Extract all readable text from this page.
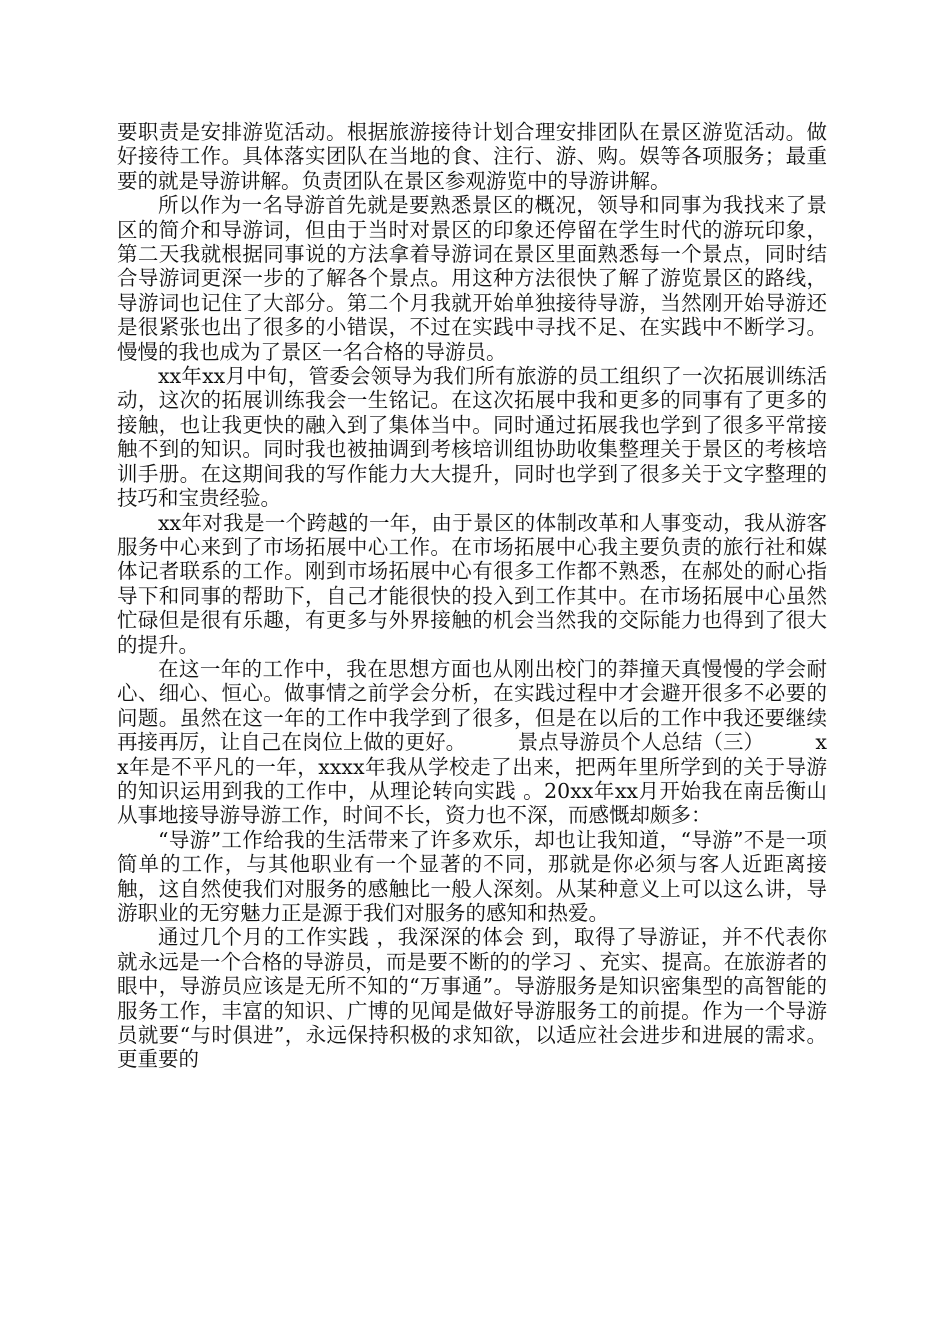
要职责是安排游览活动。根据旅游接待计划合理安排团队在景区游览活动。做好接待工作。具体落实团队在当地的食、注行、游、购。娱等各项服务；最重要的就是导游讲解。负责团队在景区参观游览中的导游讲解。

所以作为一名导游首先就是要熟悉景区的概况，领导和同事为我找来了景区的简介和导游词，但由于当时对景区的印象还停留在学生时代的游玩印象，第二天我就根据同事说的方法拿着导游词在景区里面熟悉每一个景点，同时结合导游词更深一步的了解各个景点。用这种方法很快了解了游览景区的路线，导游词也记住了大部分。第二个月我就开始单独接待导游，当然刚开始导游还是很紧张也出了很多的小错误，不过在实践中寻找不足、在实践中不断学习。慢慢的我也成为了景区一名合格的导游员。

xx年xx月中旬，管委会领导为我们所有旅游的员工组织了一次拓展训练活动，这次的拓展训练我会一生铭记。在这次拓展中我和更多的同事有了更多的接触，也让我更快的融入到了集体当中。同时通过拓展我也学到了很多平常接触不到的知识。同时我也被抽调到考核培训组协助收集整理关于景区的考核培训手册。在这期间我的写作能力大大提升，同时也学到了很多关于文字整理的技巧和宝贵经验。

xx年对我是一个跨越的一年，由于景区的体制改革和人事变动，我从游客服务中心来到了市场拓展中心工作。在市场拓展中心我主要负责的旅行社和媒体记者联系的工作。刚到市场拓展中心有很多工作都不熟悉，在郝处的耐心指导下和同事的帮助下，自己才能很快的投入到工作其中。在市场拓展中心虽然忙碌但是很有乐趣，有更多与外界接触的机会当然我的交际能力也得到了很大的提升。

在这一年的工作中，我在思想方面也从刚出校门的莽撞天真慢慢的学会耐心、细心、恒心。做事情之前学会分析，在实践过程中才会避开很多不必要的问题。虽然在这一年的工作中我学到了很多，但是在以后的工作中我还要继续再接再厉，让自己在岗位上做的更好。　　　景点导游员个人总结（三）　　　xx年是不平凡的一年，xxxx年我从学校走了出来，把两年里所学到的关于导游的知识运用到我的工作中，从理论转向实践 。20xx年xx月开始我在南岳衡山从事地接导游导游工作，时间不长，资力也不深，而感慨却颇多：

“导游”工作给我的生活带来了许多欢乐，却也让我知道，“导游”不是一项简单的工作，与其他职业有一个显著的不同，那就是你必须与客人近距离接触，这自然使我们对服务的感触比一般人深刻。从某种意义上可以这么讲，导游职业的无穷魅力正是源于我们对服务的感知和热爱。

通过几个月的工作实践 ，我深深的体会 到，取得了导游证，并不代表你就永远是一个合格的导游员，而是要不断的的学习 、充实、提高。在旅游者的眼中，导游员应该是无所不知的“万事通”。导游服务是知识密集型的高智能的服务工作，丰富的知识、广博的见闻是做好导游服务工的前提。作为一个导游员就要“与时俱进”，永远保持积极的求知欲，以适应社会进步和进展的需求。更重要的
